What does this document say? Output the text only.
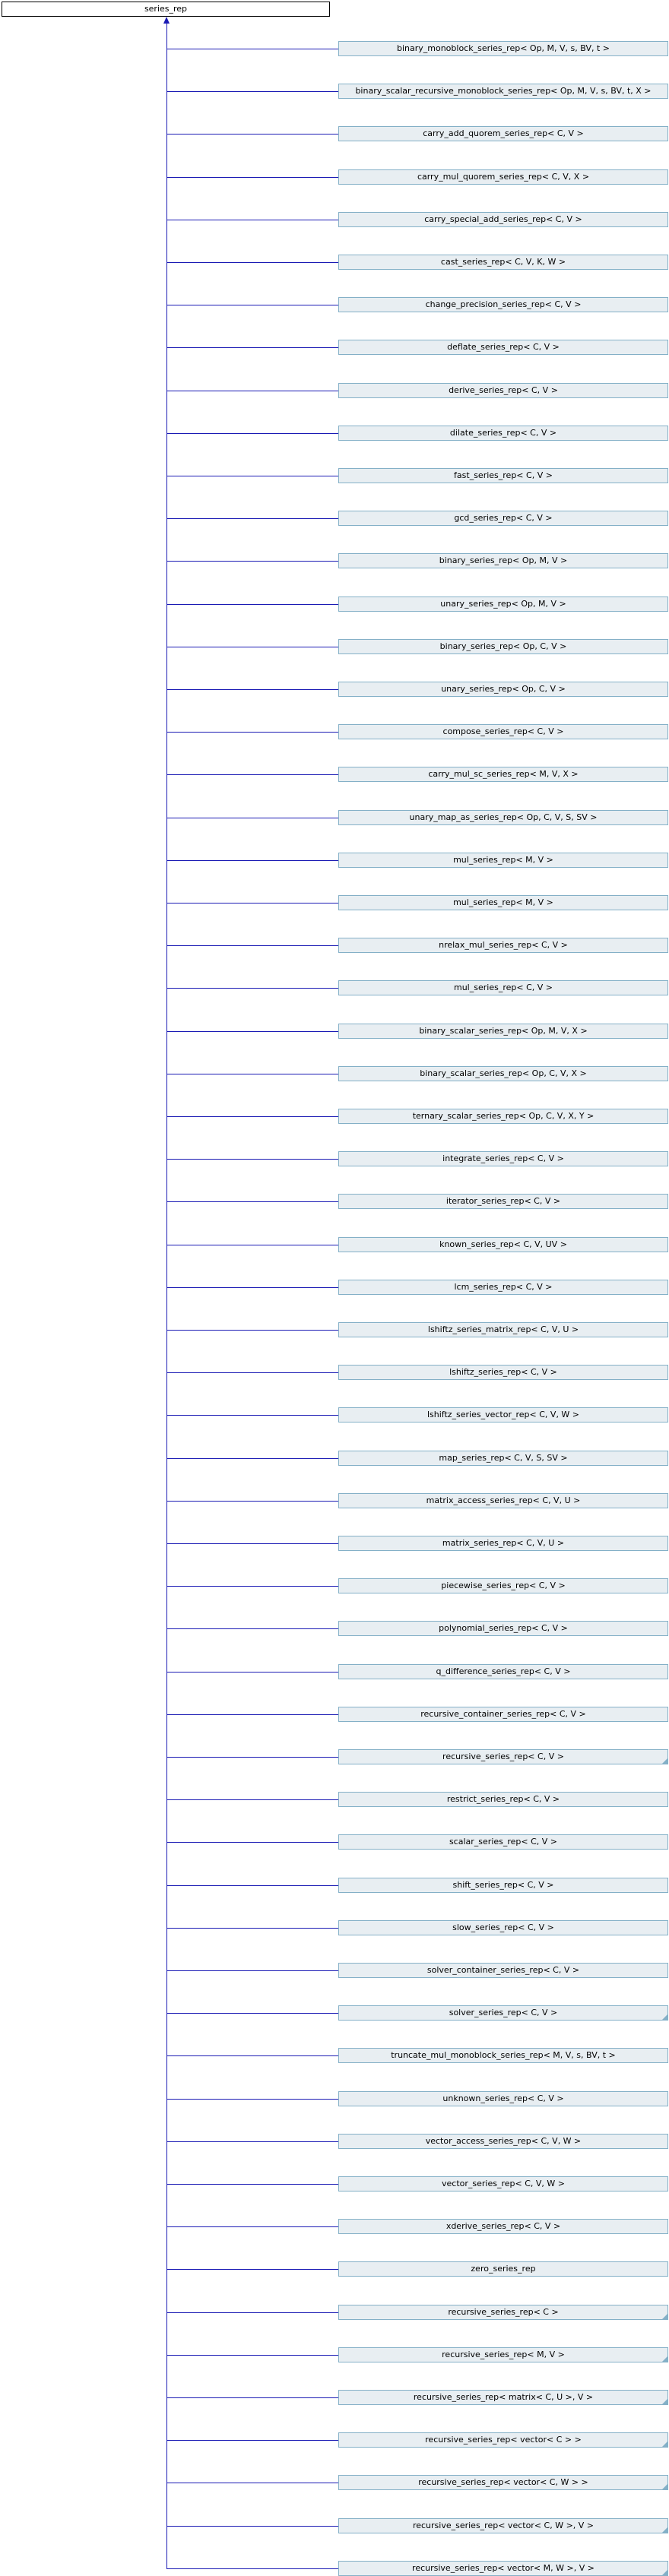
series_rep
binary_monoblock_series_rep< Op, M, V, s, BV, t >
binary_scalar_recursive_monoblock_series_rep< Op, M, V, s, BV, t, X >
carry_add_quorem_series_rep< C, V >
carry_mul_quorem_series_rep< C, V, X >
carry_special_add_series_rep< C, V >
cast_series_rep< C, V, K, W >
change_precision_series_rep< C, V >
deflate_series_rep< C, V >
derive_series_rep< C, V >
dilate_series_rep< C, V >
fast_series_rep< C, V >
gcd_series_rep< C, V >
binary_series_rep< Op, M, V >
unary_series_rep< Op, M, V >
binary_series_rep< Op, C, V >
unary_series_rep< Op, C, V >
compose_series_rep< C, V >
carry_mul_sc_series_rep< M, V, X >
unary_map_as_series_rep< Op, C, V, S, SV >
mul_series_rep< M, V >
mul_series_rep< M, V >
nrelax_mul_series_rep< C, V >
mul_series_rep< C, V >
binary_scalar_series_rep< Op, M, V, X >
binary_scalar_series_rep< Op, C, V, X >
ternary_scalar_series_rep< Op, C, V, X, Y >
integrate_series_rep< C, V >
iterator_series_rep< C, V >
known_series_rep< C, V, UV >
lcm_series_rep< C, V >
lshiftz_series_matrix_rep< C, V, U >
lshiftz_series_rep< C, V >
lshiftz_series_vector_rep< C, V, W >
map_series_rep< C, V, S, SV >
matrix_access_series_rep< C, V, U >
matrix_series_rep< C, V, U >
piecewise_series_rep< C, V >
polynomial_series_rep< C, V >
q_difference_series_rep< C, V >
recursive_container_series_rep< C, V >
recursive_series_rep< C, V >
restrict_series_rep< C, V >
scalar_series_rep< C, V >
shift_series_rep< C, V >
slow_series_rep< C, V >
solver_container_series_rep< C, V >
solver_series_rep< C, V >
truncate_mul_monoblock_series_rep< M, V, s, BV, t >
unknown_series_rep< C, V >
vector_access_series_rep< C, V, W >
vector_series_rep< C, V, W >
xderive_series_rep< C, V >
zero_series_rep
recursive_series_rep< C >
recursive_series_rep< M, V >
recursive_series_rep< matrix< C, U >, V >
recursive_series_rep< vector< C > >
recursive_series_rep< vector< C, W > >
recursive_series_rep< vector< C, W >, V >
recursive_series_rep< vector< M, W >, V >
